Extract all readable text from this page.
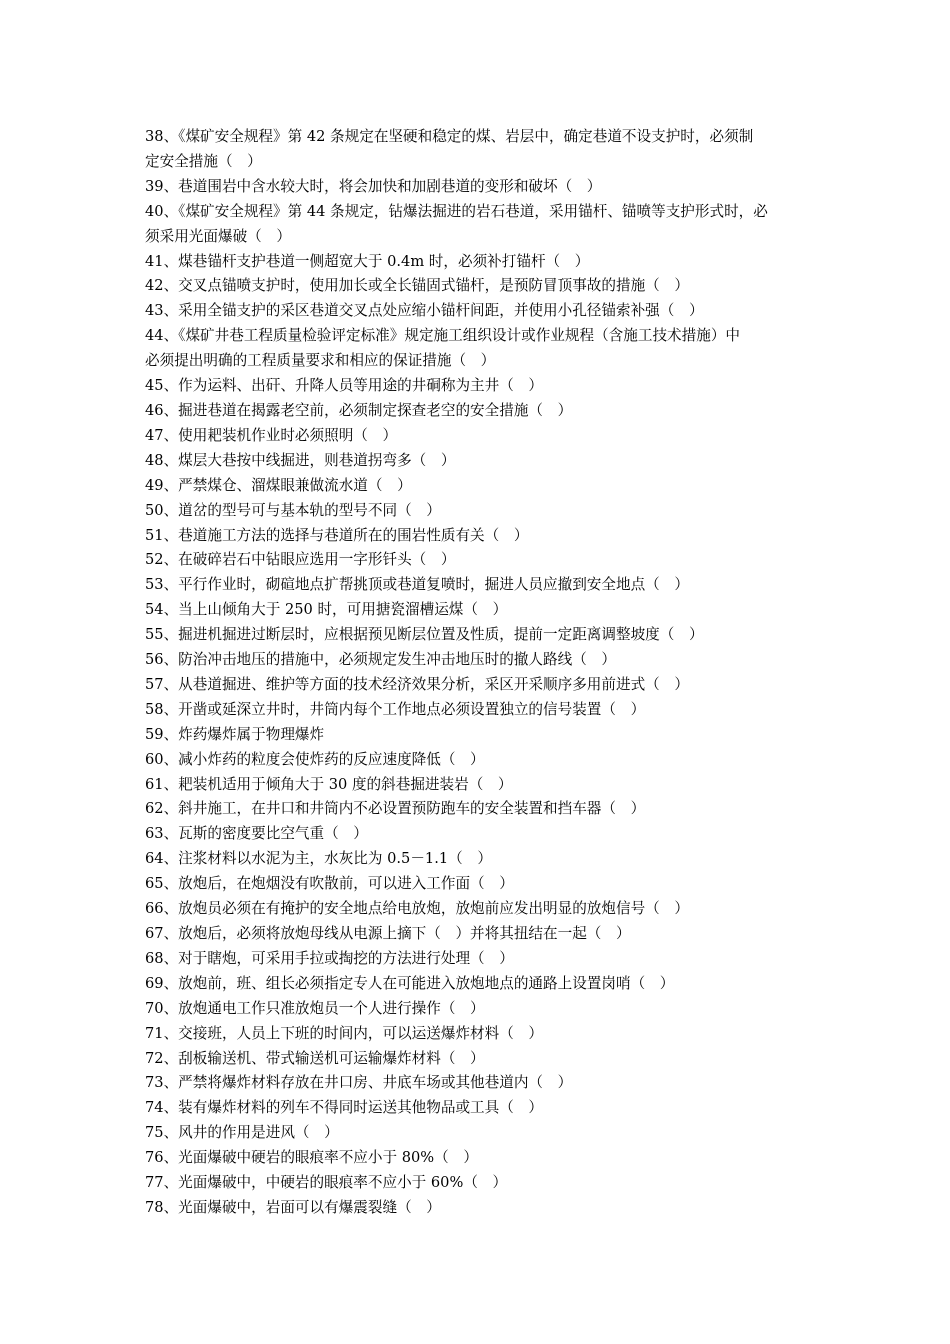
38、《煤矿安全规程》第 42 条规定在坚硬和稳定的煤、岩层中，确定巷道不设支护时，必须制
定安全措施（　）
39、巷道围岩中含水较大时，将会加快和加剧巷道的变形和破坏（　）
40、《煤矿安全规程》第 44 条规定，钻爆法掘进的岩石巷道，采用锚杆、锚喷等支护形式时，必
须采用光面爆破（　）
41、煤巷锚杆支护巷道一侧超宽大于 0.4m 时，必须补打锚杆（　）
42、交叉点锚喷支护时，使用加长或全长锚固式锚杆，是预防冒顶事故的措施（　）
43、采用全锚支护的采区巷道交叉点处应缩小锚杆间距，并使用小孔径锚索补强（　）
44、《煤矿井巷工程质量检验评定标准》规定施工组织设计或作业规程（含施工技术措施）中
必须提出明确的工程质量要求和相应的保证措施（　）
45、作为运料、出矸、升降人员等用途的井硐称为主井（　）
46、掘进巷道在揭露老空前，必须制定探查老空的安全措施（　）
47、使用耙装机作业时必须照明（　）
48、煤层大巷按中线掘进，则巷道拐弯多（　）
49、严禁煤仓、溜煤眼兼做流水道（　）
50、道岔的型号可与基本轨的型号不同（　）
51、巷道施工方法的选择与巷道所在的围岩性质有关（　）
52、在破碎岩石中钻眼应选用一字形钎头（　）
53、平行作业时，砌碹地点扩帮挑顶或巷道复喷时，掘进人员应撤到安全地点（　）
54、当上山倾角大于 250 时，可用搪瓷溜槽运煤（　）
55、掘进机掘进过断层时，应根据预见断层位置及性质，提前一定距离调整坡度（　）
56、防治冲击地压的措施中，必须规定发生冲击地压时的撤人路线（　）
57、从巷道掘进、维护等方面的技术经济效果分析，采区开采顺序多用前进式（　）
58、开凿或延深立井时，井筒内每个工作地点必须设置独立的信号装置（　）
59、炸药爆炸属于物理爆炸
60、减小炸药的粒度会使炸药的反应速度降低（　）
61、耙装机适用于倾角大于 30 度的斜巷掘进装岩（　）
62、斜井施工，在井口和井筒内不必设置预防跑车的安全装置和挡车器（　）
63、瓦斯的密度要比空气重（　）
64、注浆材料以水泥为主，水灰比为 0.5－1.1（　）
65、放炮后，在炮烟没有吹散前，可以进入工作面（　）
66、放炮员必须在有掩护的安全地点给电放炮，放炮前应发出明显的放炮信号（　）
67、放炮后，必须将放炮母线从电源上摘下（　）并将其扭结在一起（　）
68、对于瞎炮，可采用手拉或掏挖的方法进行处理（　）
69、放炮前，班、组长必须指定专人在可能进入放炮地点的通路上设置岗哨（　）
70、放炮通电工作只准放炮员一个人进行操作（　）
71、交接班，人员上下班的时间内，可以运送爆炸材料（　）
72、刮板输送机、带式输送机可运输爆炸材料（　）
73、严禁将爆炸材料存放在井口房、井底车场或其他巷道内（　）
74、装有爆炸材料的列车不得同时运送其他物品或工具（　）
75、风井的作用是进风（　）
76、光面爆破中硬岩的眼痕率不应小于 80%（　）
77、光面爆破中，中硬岩的眼痕率不应小于 60%（　）
78、光面爆破中，岩面可以有爆震裂缝（　）
